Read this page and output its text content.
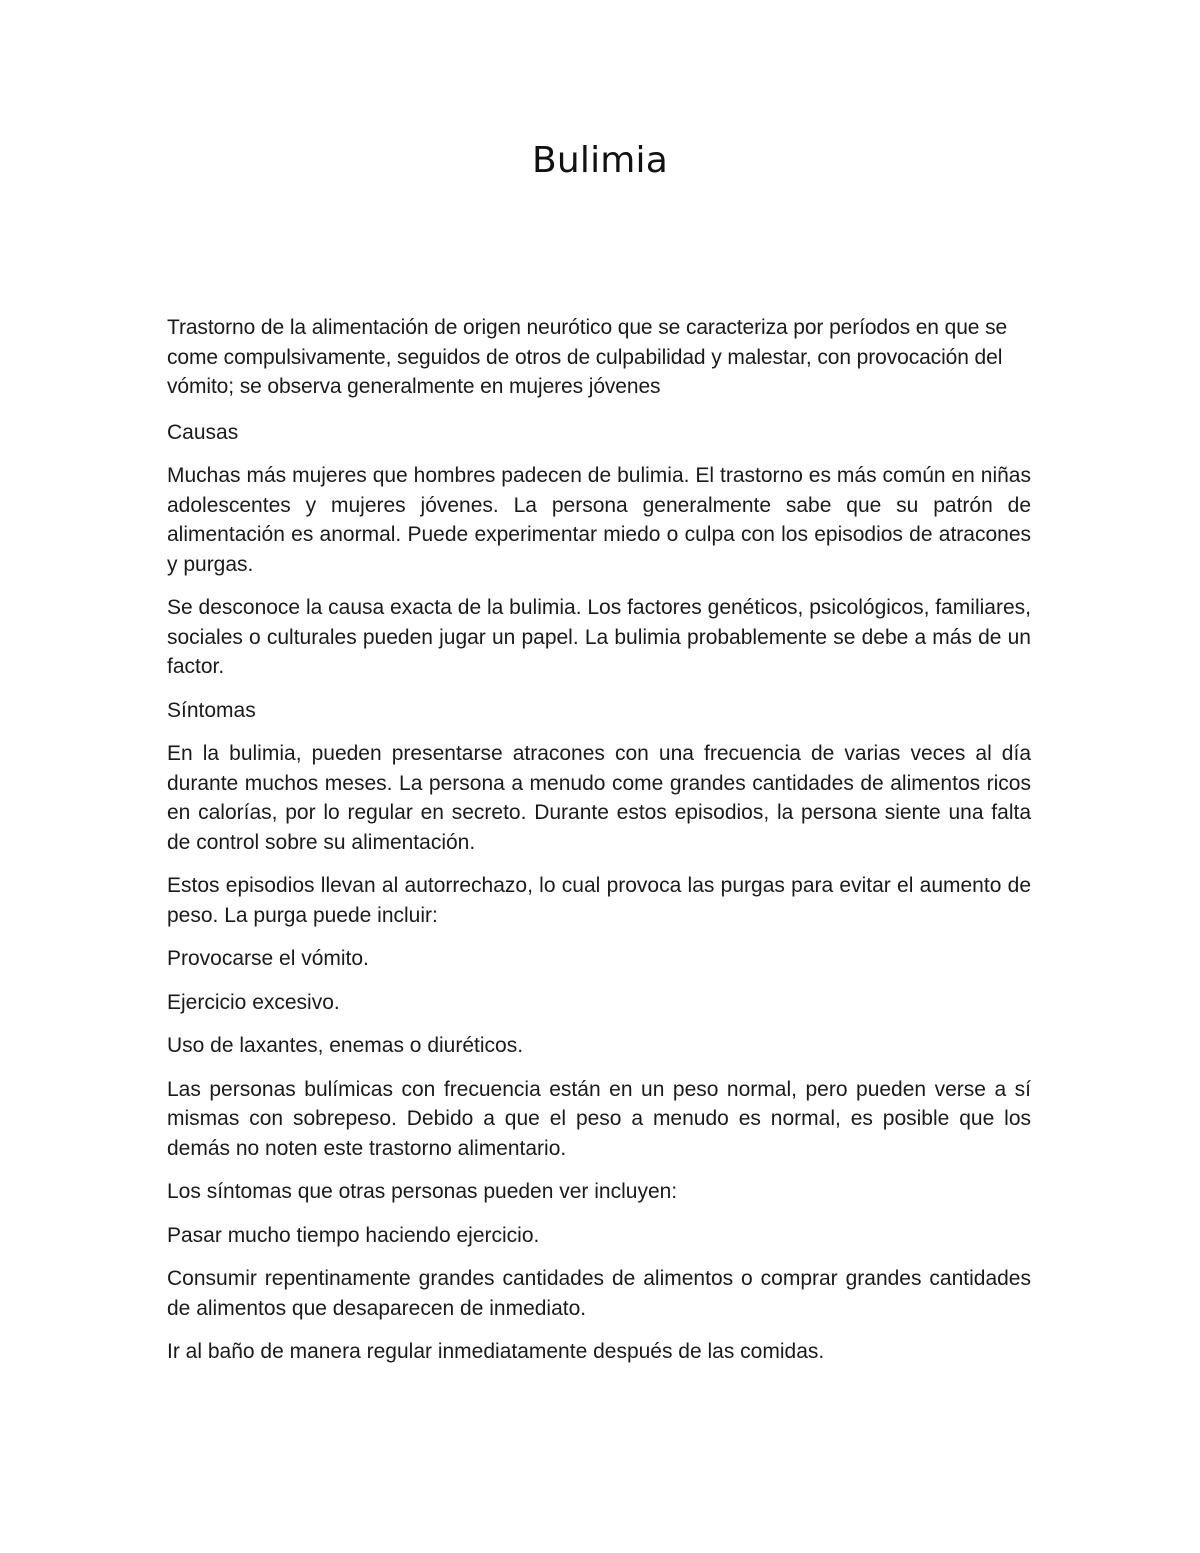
Bulimia

Trastorno de la alimentación de origen neurótico que se caracteriza por períodos en que se come compulsivamente, seguidos de otros de culpabilidad y malestar, con provocación del vómito; se observa generalmente en mujeres jóvenes

Causas

Muchas más mujeres que hombres padecen de bulimia. El trastorno es más común en niñas adolescentes y mujeres jóvenes. La persona generalmente sabe que su patrón de alimentación es anormal. Puede experimentar miedo o culpa con los episodios de atracones y purgas.

Se desconoce la causa exacta de la bulimia. Los factores genéticos, psicológicos, familiares, sociales o culturales pueden jugar un papel. La bulimia probablemente se debe a más de un factor.

Síntomas

En la bulimia, pueden presentarse atracones con una frecuencia de varias veces al día durante muchos meses. La persona a menudo come grandes cantidades de alimentos ricos en calorías, por lo regular en secreto. Durante estos episodios, la persona siente una falta de control sobre su alimentación.

Estos episodios llevan al autorrechazo, lo cual provoca las purgas para evitar el aumento de peso. La purga puede incluir:

Provocarse el vómito.

Ejercicio excesivo.

Uso de laxantes, enemas o diuréticos.

Las personas bulímicas con frecuencia están en un peso normal, pero pueden verse a sí mismas con sobrepeso. Debido a que el peso a menudo es normal, es posible que los demás no noten este trastorno alimentario.

Los síntomas que otras personas pueden ver incluyen:

Pasar mucho tiempo haciendo ejercicio.

Consumir repentinamente grandes cantidades de alimentos o comprar grandes cantidades de alimentos que desaparecen de inmediato.

Ir al baño de manera regular inmediatamente después de las comidas.
